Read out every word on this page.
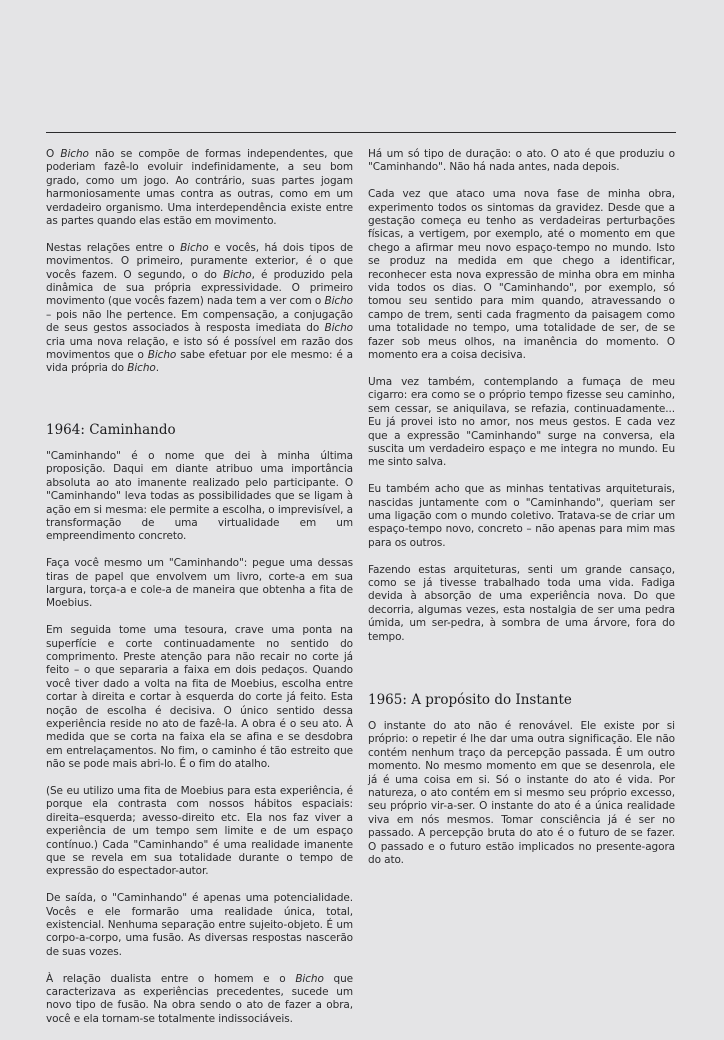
O Bicho não se compõe de formas independentes, que poderiam fazê-lo evoluir indefinidamente, a seu bom grado, como um jogo. Ao contrário, suas partes jogam harmoniosamente umas contra as outras, como em um verdadeiro organismo. Uma interdependência existe entre as partes quando elas estão em movimento.

Nestas relações entre o Bicho e vocês, há dois tipos de movimentos. O primeiro, puramente exterior, é o que vocês fazem. O segundo, o do Bicho, é produzido pela dinâmica de sua própria expressividade. O primeiro movimento (que vocês fazem) nada tem a ver com o Bicho – pois não lhe pertence. Em compensação, a conjugação de seus gestos associados à resposta imediata do Bicho cria uma nova relação, e isto só é possível em razão dos movimentos que o Bicho sabe efetuar por ele mesmo: é a vida própria do Bicho.

1964: Caminhando

"Caminhando" é o nome que dei à minha última proposição. Daqui em diante atribuo uma importância absoluta ao ato imanente realizado pelo participante. O "Caminhando" leva todas as possibilidades que se ligam à ação em si mesma: ele permite a escolha, o imprevisível, a transformação de uma virtualidade em um empreendimento concreto.

Faça você mesmo um "Caminhando": pegue uma dessas tiras de papel que envolvem um livro, corte-a em sua largura, torça-a e cole-a de maneira que obtenha a fita de Moebius.

Em seguida tome uma tesoura, crave uma ponta na superfície e corte continuadamente no sentido do comprimento. Preste atenção para não recair no corte já feito – o que separaria a faixa em dois pedaços. Quando você tiver dado a volta na fita de Moebius, escolha entre cortar à direita e cortar à esquerda do corte já feito. Esta noção de escolha é decisiva. O único sentido dessa experiência reside no ato de fazê-la. A obra é o seu ato. À medida que se corta na faixa ela se afina e se desdobra em entrelaçamentos. No fim, o caminho é tão estreito que não se pode mais abri-lo. É o fim do atalho.

(Se eu utilizo uma fita de Moebius para esta experiência, é porque ela contrasta com nossos hábitos espaciais: direita–esquerda; avesso-direito etc. Ela nos faz viver a experiência de um tempo sem limite e de um espaço contínuo.) Cada "Caminhando" é uma realidade imanente que se revela em sua totalidade durante o tempo de expressão do espectador-autor.

De saída, o "Caminhando" é apenas uma potencialidade. Vocês e ele formarão uma realidade única, total, existencial. Nenhuma separação entre sujeito-objeto. É um corpo-a-corpo, uma fusão. As diversas respostas nascerão de suas vozes.

À relação dualista entre o homem e o Bicho que caracterizava as experiências precedentes, sucede um novo tipo de fusão. Na obra sendo o ato de fazer a obra, você e ela tornam-se totalmente indissociáveis.

Há um só tipo de duração: o ato. O ato é que produziu o "Caminhando". Não há nada antes, nada depois.

Cada vez que ataco uma nova fase de minha obra, experimento todos os sintomas da gravidez. Desde que a gestação começa eu tenho as verdadeiras perturbações físicas, a vertigem, por exemplo, até o momento em que chego a afirmar meu novo espaço-tempo no mundo. Isto se produz na medida em que chego a identificar, reconhecer esta nova expressão de minha obra em minha vida todos os dias. O "Caminhando", por exemplo, só tomou seu sentido para mim quando, atravessando o campo de trem, senti cada fragmento da paisagem como uma totalidade no tempo, uma totalidade de ser, de se fazer sob meus olhos, na imanência do momento. O momento era a coisa decisiva.

Uma vez também, contemplando a fumaça de meu cigarro: era como se o próprio tempo fizesse seu caminho, sem cessar, se aniquilava, se refazia, continuadamente... Eu já provei isto no amor, nos meus gestos. E cada vez que a expressão "Caminhando" surge na conversa, ela suscita um verdadeiro espaço e me integra no mundo. Eu me sinto salva.

Eu também acho que as minhas tentativas arquiteturais, nascidas juntamente com o "Caminhando", queriam ser uma ligação com o mundo coletivo. Tratava-se de criar um espaço-tempo novo, concreto – não apenas para mim mas para os outros.

Fazendo estas arquiteturas, senti um grande cansaço, como se já tivesse trabalhado toda uma vida. Fadiga devida à absorção de uma experiência nova. Do que decorria, algumas vezes, esta nostalgia de ser uma pedra úmida, um ser-pedra, à sombra de uma árvore, fora do tempo.

1965: A propósito do Instante

O instante do ato não é renovável. Ele existe por si próprio: o repetir é lhe dar uma outra significação. Ele não contém nenhum traço da percepção passada. É um outro momento. No mesmo momento em que se desenrola, ele já é uma coisa em si. Só o instante do ato é vida. Por natureza, o ato contém em si mesmo seu próprio excesso, seu próprio vir-a-ser. O instante do ato é a única realidade viva em nós mesmos. Tomar consciência já é ser no passado. A percepção bruta do ato é o futuro de se fazer. O passado e o futuro estão implicados no presente-agora do ato.
